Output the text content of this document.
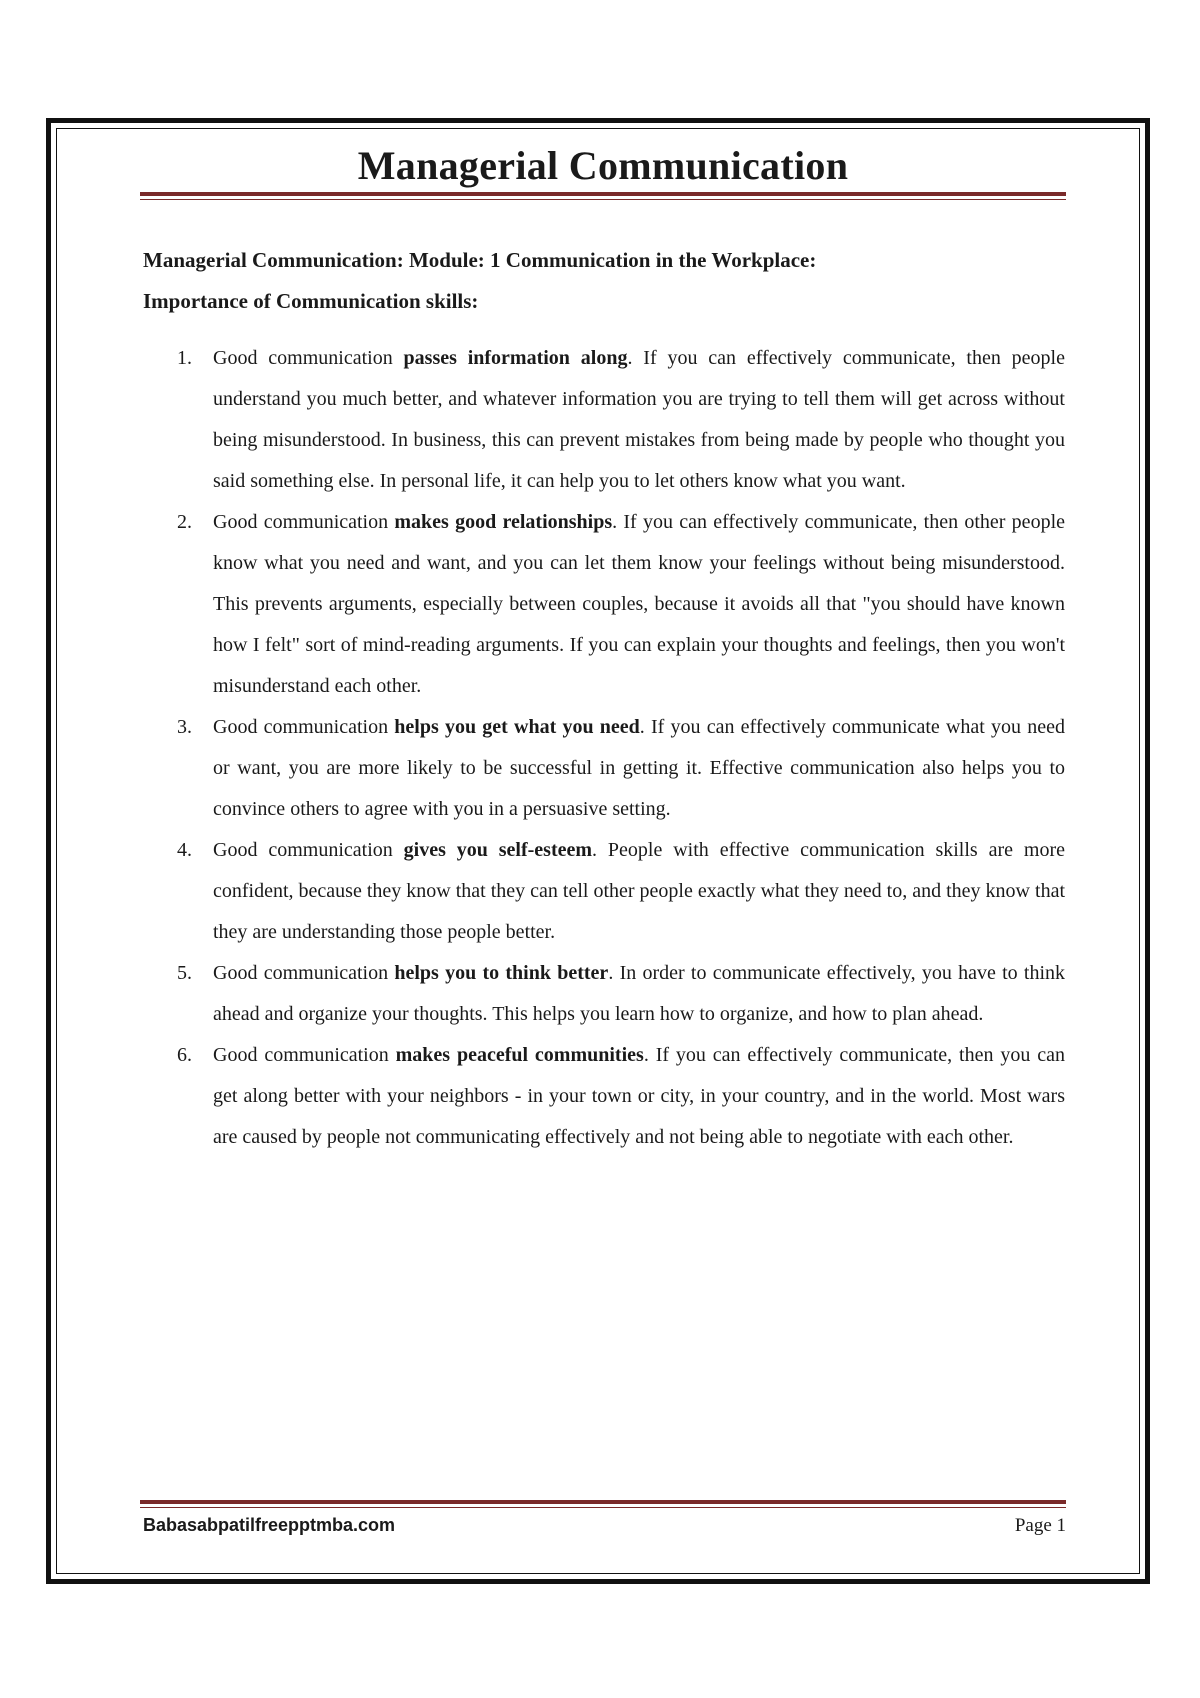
Managerial Communication
Managerial Communication: Module: 1 Communication in the Workplace:
Importance of Communication skills:
1.	Good communication passes information along. If you can effectively communicate, then people understand you much better, and whatever information you are trying to tell them will get across without being misunderstood. In business, this can prevent mistakes from being made by people who thought you said something else. In personal life, it can help you to let others know what you want.
2.	Good communication makes good relationships. If you can effectively communicate, then other people know what you need and want, and you can let them know your feelings without being misunderstood. This prevents arguments, especially between couples, because it avoids all that "you should have known how I felt" sort of mind-reading arguments. If you can explain your thoughts and feelings, then you won't misunderstand each other.
3.	Good communication helps you get what you need. If you can effectively communicate what you need or want, you are more likely to be successful in getting it. Effective communication also helps you to convince others to agree with you in a persuasive setting.
4.	Good communication gives you self-esteem. People with effective communication skills are more confident, because they know that they can tell other people exactly what they need to, and they know that they are understanding those people better.
5.	Good communication helps you to think better. In order to communicate effectively, you have to think ahead and organize your thoughts. This helps you learn how to organize, and how to plan ahead.
6.	Good communication makes peaceful communities. If you can effectively communicate, then you can get along better with your neighbors - in your town or city, in your country, and in the world. Most wars are caused by people not communicating effectively and not being able to negotiate with each other.
Babasabpatilfreepptmba.com	Page 1
